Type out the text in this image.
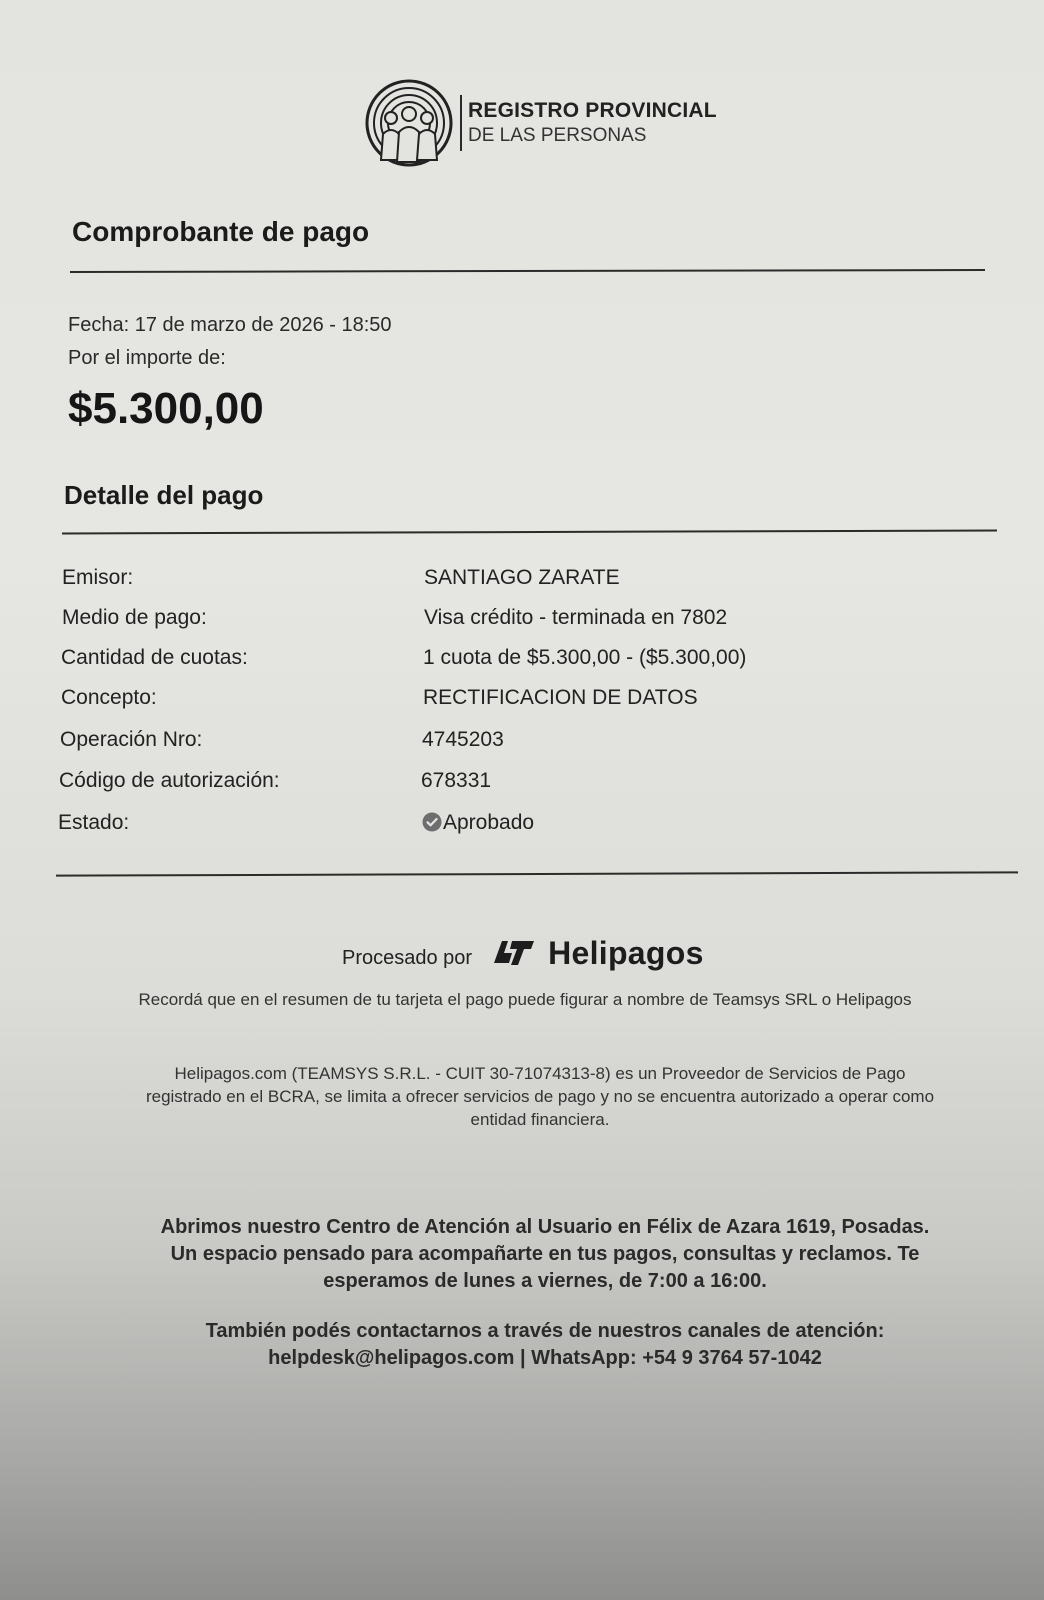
REGISTRO PROVINCIAL
DE LAS PERSONAS
Comprobante de pago
Fecha: 17 de marzo de 2026 - 18:50
Por el importe de:
$5.300,00
Detalle del pago
Emisor:	SANTIAGO ZARATE
Medio de pago:	Visa crédito - terminada en 7802
Cantidad de cuotas:	1 cuota de $5.300,00 - ($5.300,00)
Concepto:	RECTIFICACION DE DATOS
Operación Nro:	4745203
Código de autorización:	678331
Estado:	Aprobado
Procesado por Helipagos
Recordá que en el resumen de tu tarjeta el pago puede figurar a nombre de Teamsys SRL o Helipagos
Helipagos.com (TEAMSYS S.R.L. - CUIT 30-71074313-8) es un Proveedor de Servicios de Pago registrado en el BCRA, se limita a ofrecer servicios de pago y no se encuentra autorizado a operar como entidad financiera.
Abrimos nuestro Centro de Atención al Usuario en Félix de Azara 1619, Posadas. Un espacio pensado para acompañarte en tus pagos, consultas y reclamos. Te esperamos de lunes a viernes, de 7:00 a 16:00.
También podés contactarnos a través de nuestros canales de atención: helpdesk@helipagos.com | WhatsApp: +54 9 3764 57-1042
